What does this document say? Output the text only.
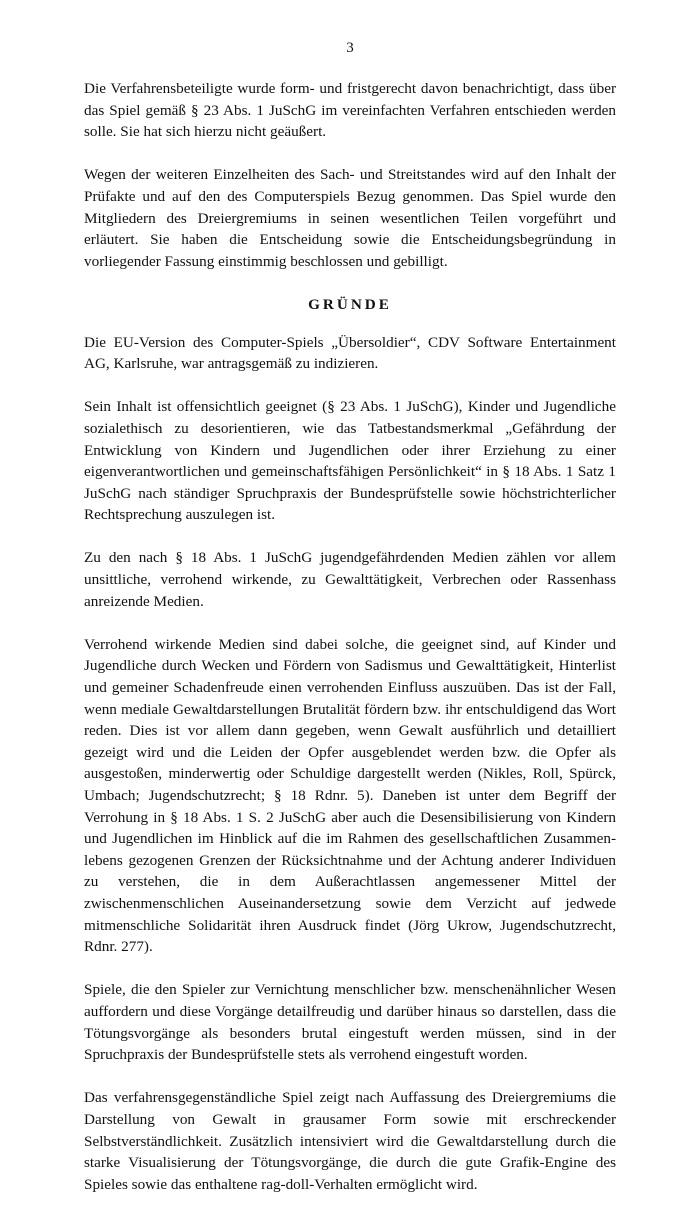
3

Die Verfahrensbeteiligte wurde form- und fristgerecht davon benachrichtigt, dass über das Spiel gemäß § 23 Abs. 1 JuSchG im vereinfachten Verfahren entschieden werden solle. Sie hat sich hierzu nicht geäußert.

Wegen der weiteren Einzelheiten des Sach- und Streitstandes wird auf den Inhalt der Prüfakte und auf den des Computerspiels Bezug genommen. Das Spiel wurde den Mitgliedern des Dreiergremiums in seinen wesentlichen Teilen vorgeführt und erläutert. Sie haben die Entscheidung sowie die Entscheidungsbegründung in vorliegender Fassung einstimmig beschlossen und gebilligt.

GRÜNDE

Die EU-Version des Computer-Spiels „Übersoldier“, CDV Software Entertainment AG, Karlsruhe, war antragsgemäß zu indizieren.

Sein Inhalt ist offensichtlich geeignet (§ 23 Abs. 1 JuSchG), Kinder und Jugendliche sozialethisch zu desorientieren, wie das Tatbestandsmerkmal „Gefährdung der Entwicklung von Kindern und Jugendlichen oder ihrer Erziehung zu einer eigenverantwortlichen und gemeinschaftsfähigen Persönlichkeit“ in § 18 Abs. 1 Satz 1 JuSchG nach ständiger Spruchpraxis der Bundesprüfstelle sowie höchstrichterlicher Rechtsprechung auszulegen ist.

Zu den nach § 18 Abs. 1 JuSchG jugendgefährdenden Medien zählen vor allem unsittliche, verrohend wirkende, zu Gewalttätigkeit, Verbrechen oder Rassenhass anreizende Medien.

Verrohend wirkende Medien sind dabei solche, die geeignet sind, auf Kinder und Jugendliche durch Wecken und Fördern von Sadismus und Gewalttätigkeit, Hinterlist und gemeiner Schadenfreude einen verrohenden Einfluss auszuüben. Das ist der Fall, wenn mediale Gewaltdarstellungen Brutalität fördern bzw. ihr entschuldigend das Wort reden. Dies ist vor allem dann gegeben, wenn Gewalt ausführlich und detailliert gezeigt wird und die Leiden der Opfer ausgeblendet werden bzw. die Opfer als ausgestoßen, minderwertig oder Schuldige dargestellt werden (Nikles, Roll, Spürck, Umbach; Jugendschutzrecht; § 18 Rdnr. 5). Daneben ist unter dem Begriff der Verrohung in § 18 Abs. 1 S. 2 JuSchG aber auch die Desensibilisierung von Kindern und Jugendlichen im Hinblick auf die im Rahmen des gesellschaftlichen Zusammenlebens gezogenen Grenzen der Rücksichtnahme und der Achtung anderer Individuen zu verstehen, die in dem Außerachtlassen angemessener Mittel der zwischenmenschlichen Auseinandersetzung sowie dem Verzicht auf jedwede mitmenschliche Solidarität ihren Ausdruck findet (Jörg Ukrow, Jugendschutzrecht, Rdnr. 277).

Spiele, die den Spieler zur Vernichtung menschlicher bzw. menschenähnlicher Wesen auffordern und diese Vorgänge detailfreudig und darüber hinaus so darstellen, dass die Tötungsvorgänge als besonders brutal eingestuft werden müssen, sind in der Spruchpraxis der Bundesprüfstelle stets als verrohend eingestuft worden.

Das verfahrensgegenständliche Spiel zeigt nach Auffassung des Dreiergremiums die Darstellung von Gewalt in grausamer Form sowie mit erschreckender Selbstverständlichkeit. Zusätzlich intensiviert wird die Gewaltdarstellung durch die starke Visualisierung der Tötungsvorgänge, die durch die gute Grafik-Engine des Spieles sowie das enthaltene rag-doll-Verhalten ermöglicht wird.
